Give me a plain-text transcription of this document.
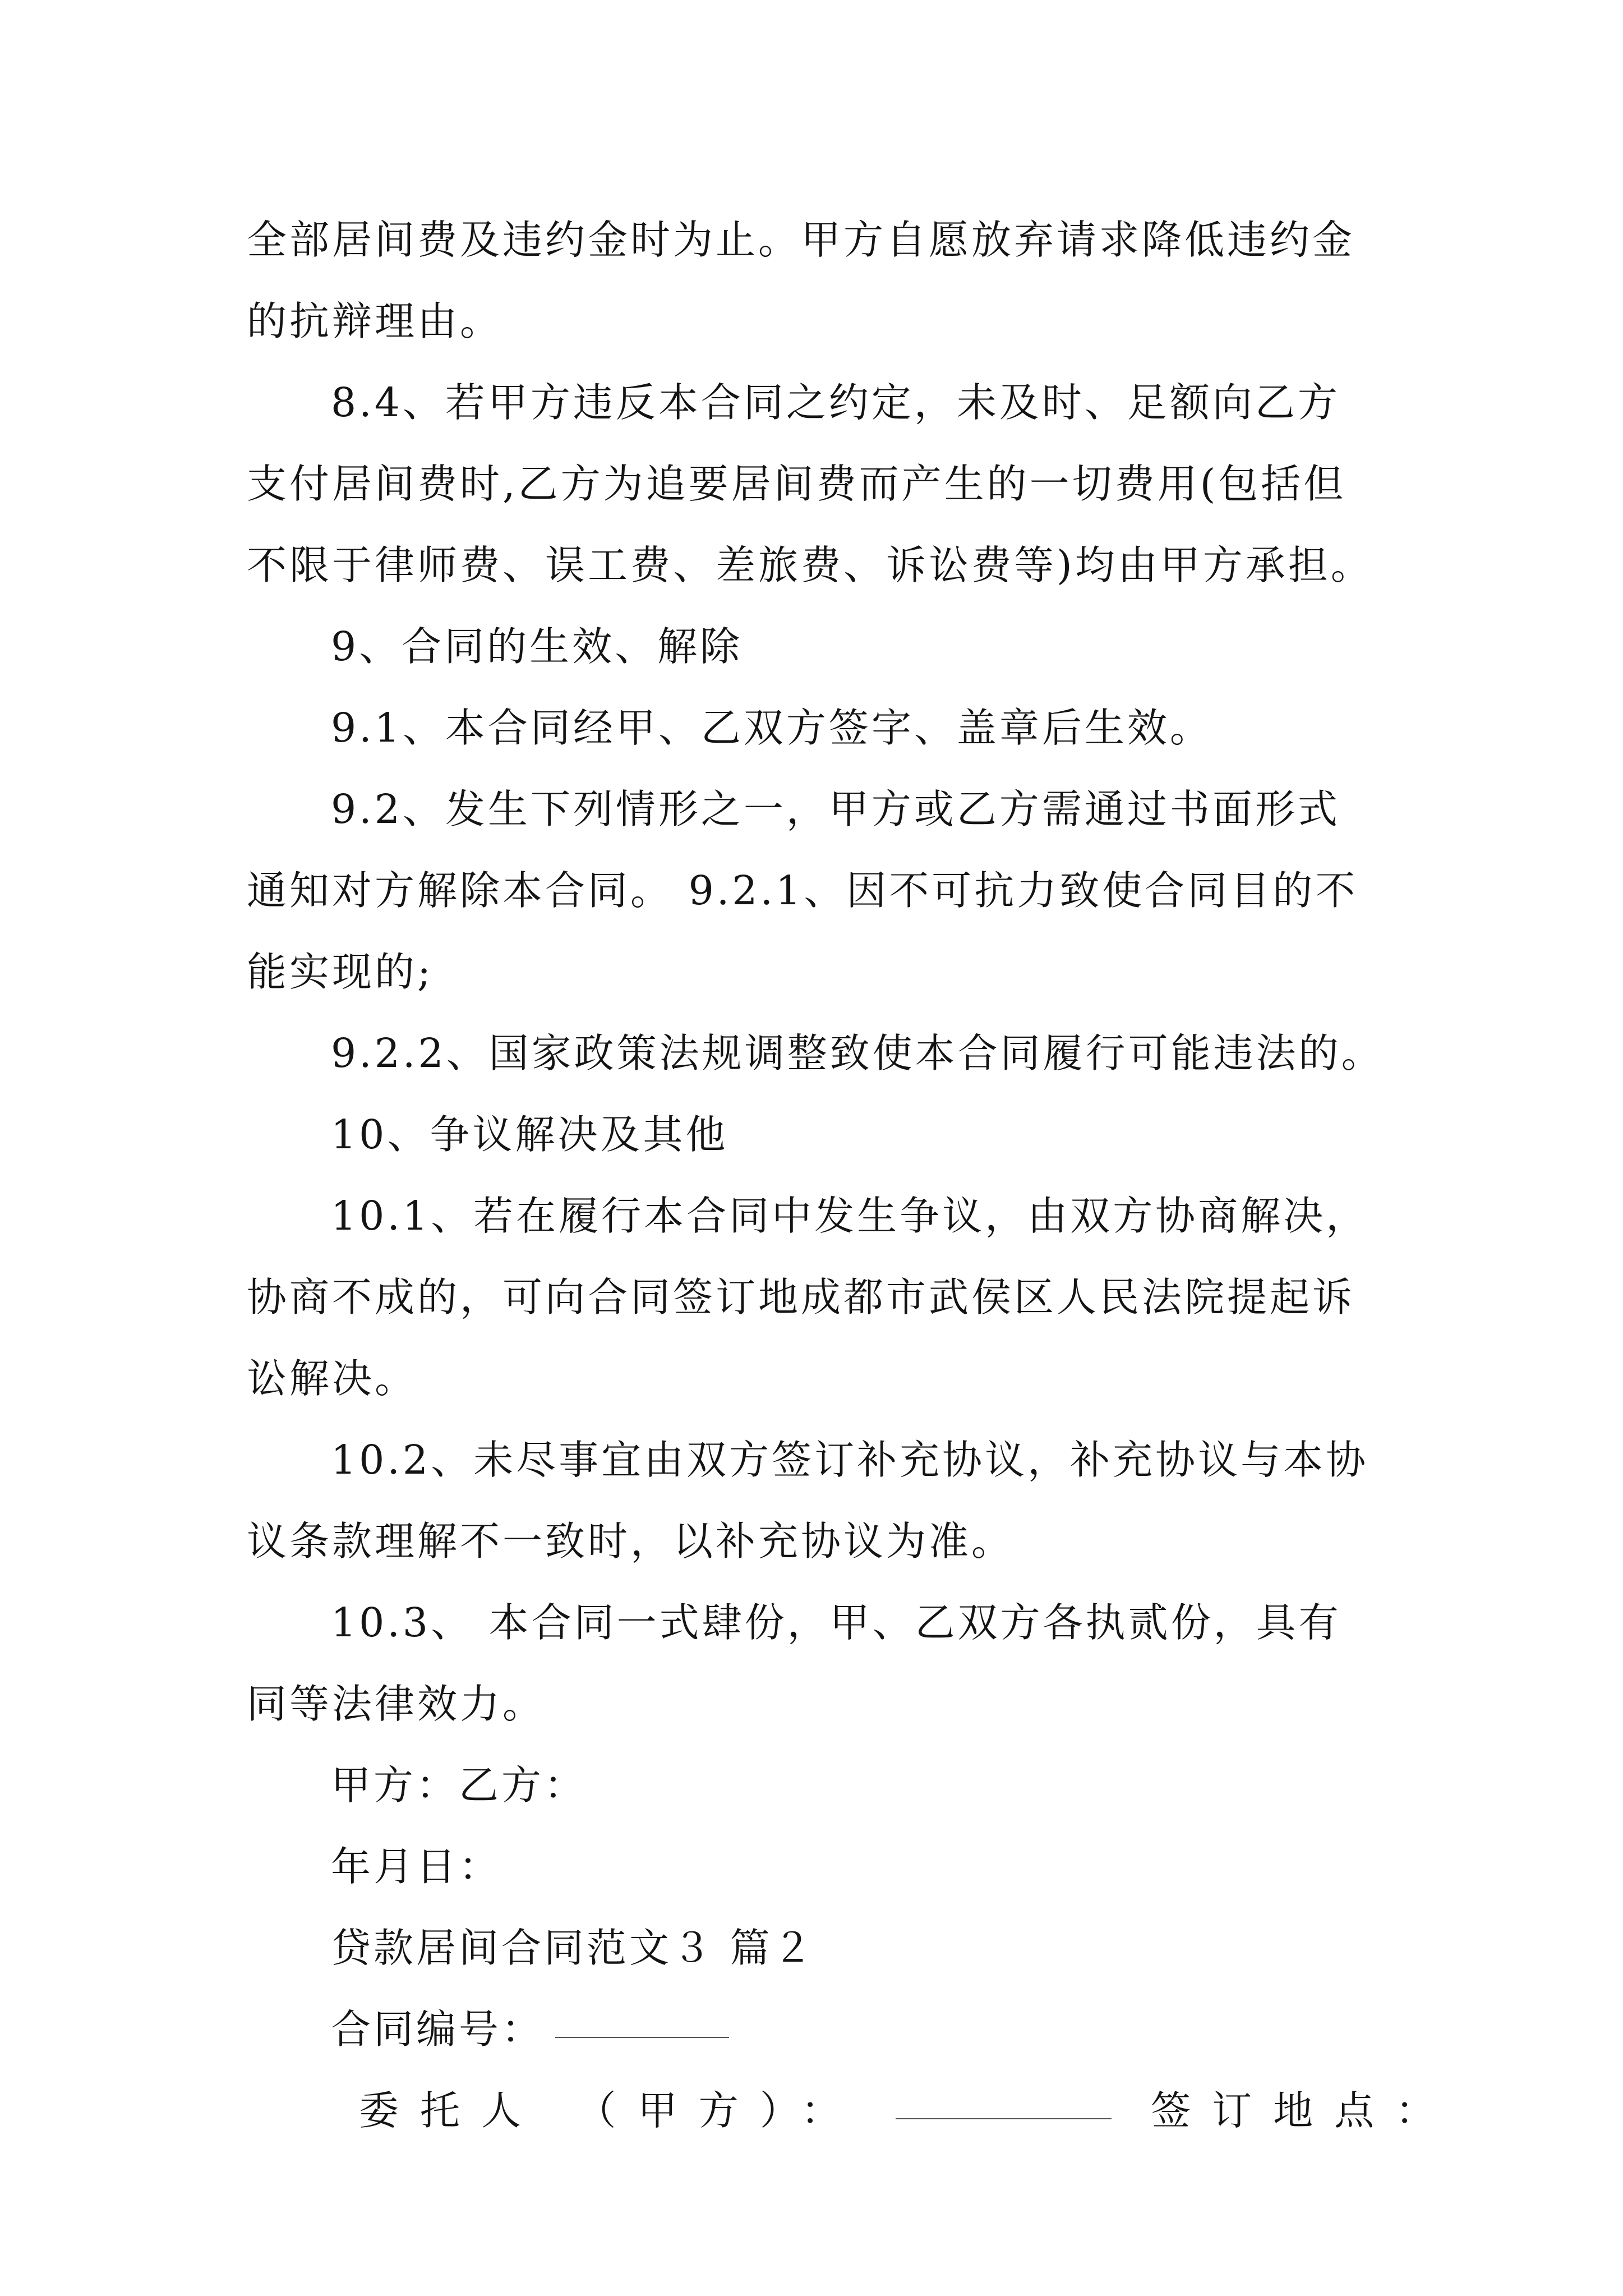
全部居间费及违约金时为止。甲方自愿放弃请求降低违约金
的抗辩理由。
8.4、若甲方违反本合同之约定，未及时、足额向乙方
支付居间费时,乙方为追要居间费而产生的一切费用(包括但
不限于律师费、误工费、差旅费、诉讼费等)均由甲方承担。
9、合同的生效、解除
9.1、本合同经甲、乙双方签字、盖章后生效。
9.2、发生下列情形之一，甲方或乙方需通过书面形式
通知对方解除本合同。 9.2.1、因不可抗力致使合同目的不
能实现的;
9.2.2、国家政策法规调整致使本合同履行可能违法的。
10、争议解决及其他
10.1、若在履行本合同中发生争议，由双方协商解决，
协商不成的，可向合同签订地成都市武侯区人民法院提起诉
讼解决。
10.2、未尽事宜由双方签订补充协议，补充协议与本协
议条款理解不一致时，以补充协议为准。
10.3、 本合同一式肆份，甲、乙双方各执贰份，具有
同等法律效力。
甲方：乙方：
年月日：
贷款居间合同范文３ 篇２
合同编号：
委托人 （甲方）：	签订地点：
